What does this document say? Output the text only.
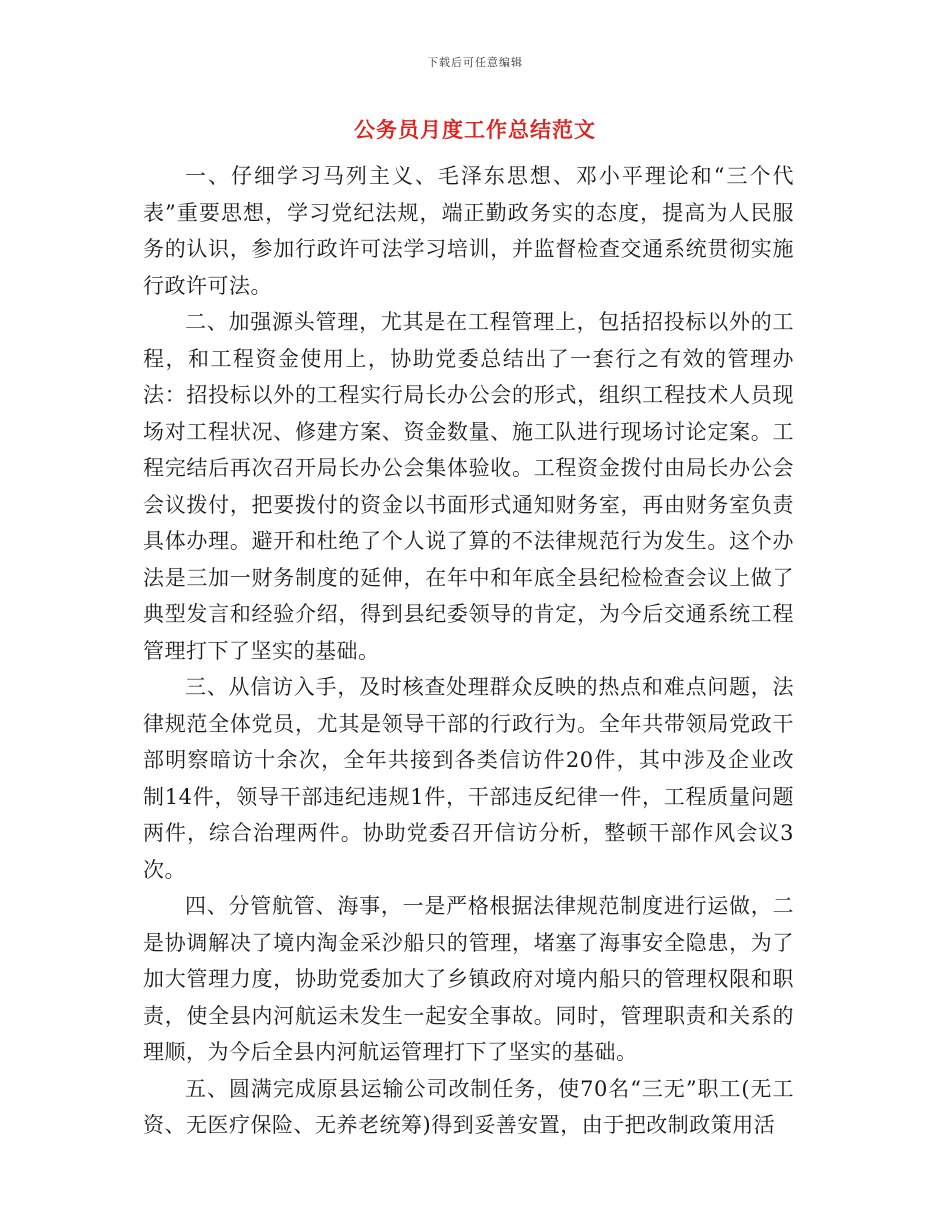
下载后可任意编辑
公务员月度工作总结范文

一、仔细学习马列主义、毛泽东思想、邓小平理论和“三个代表”重要思想，学习党纪法规，端正勤政务实的态度，提高为人民服务的认识，参加行政许可法学习培训，并监督检查交通系统贯彻实施行政许可法。

二、加强源头管理，尤其是在工程管理上，包括招投标以外的工程，和工程资金使用上，协助党委总结出了一套行之有效的管理办法：招投标以外的工程实行局长办公会的形式，组织工程技术人员现场对工程状况、修建方案、资金数量、施工队进行现场讨论定案。工程完结后再次召开局长办公会集体验收。工程资金拨付由局长办公会会议拨付，把要拨付的资金以书面形式通知财务室，再由财务室负责具体办理。避开和杜绝了个人说了算的不法律规范行为发生。这个办法是三加一财务制度的延伸，在年中和年底全县纪检检查会议上做了典型发言和经验介绍，得到县纪委领导的肯定，为今后交通系统工程管理打下了坚实的基础。

三、从信访入手，及时核查处理群众反映的热点和难点问题，法律规范全体党员，尤其是领导干部的行政行为。全年共带领局党政干部明察暗访十余次，全年共接到各类信访件20件，其中涉及企业改制14件，领导干部违纪违规1件，干部违反纪律一件，工程质量问题两件，综合治理两件。协助党委召开信访分析，整顿干部作风会议3次。

四、分管航管、海事，一是严格根据法律规范制度进行运做，二是协调解决了境内淘金采沙船只的管理，堵塞了海事安全隐患，为了加大管理力度，协助党委加大了乡镇政府对境内船只的管理权限和职责，使全县内河航运未发生一起安全事故。同时，管理职责和关系的理顺，为今后全县内河航运管理打下了坚实的基础。

五、圆满完成原县运输公司改制任务，使70名“三无”职工(无工资、无医疗保险、无养老统筹)得到妥善安置，由于把改制政策用活
